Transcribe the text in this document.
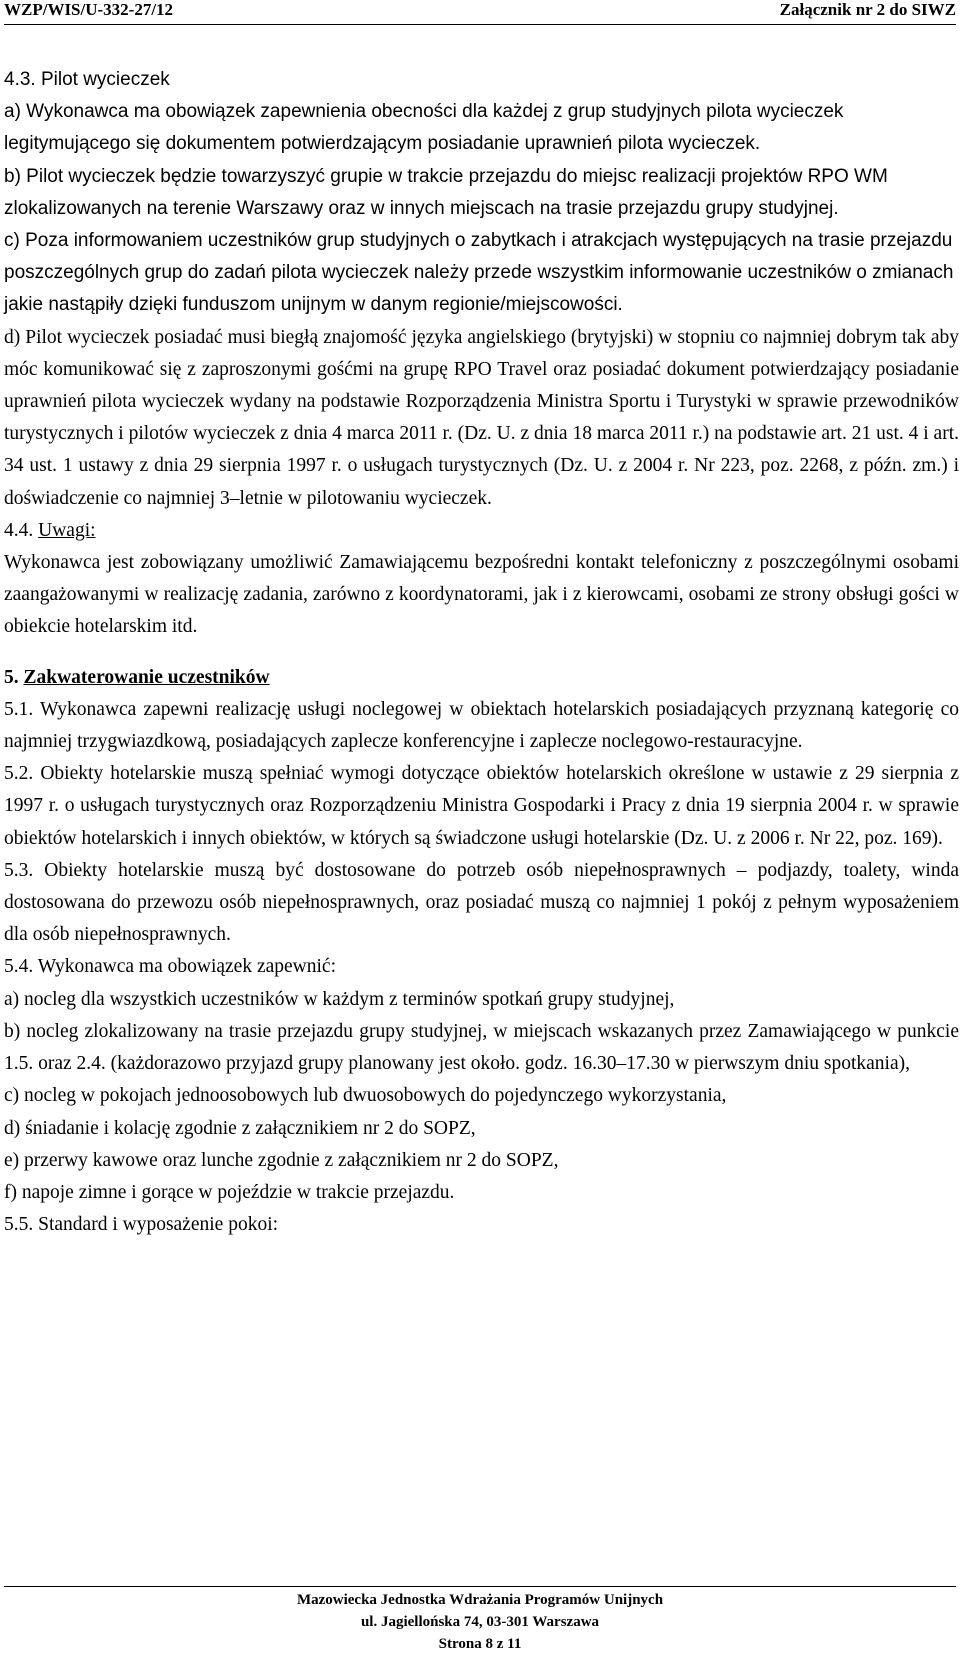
WZP/WIS/U-332-27/12	Załącznik nr 2 do SIWZ

4.3. Pilot wycieczek

a) Wykonawca ma obowiązek zapewnienia obecności dla każdej z grup studyjnych pilota wycieczek legitymującego się dokumentem potwierdzającym posiadanie uprawnień pilota wycieczek.

b) Pilot wycieczek będzie towarzyszyć grupie w trakcie przejazdu do miejsc realizacji projektów RPO WM zlokalizowanych na terenie Warszawy oraz w innych miejscach na trasie przejazdu grupy studyjnej.

c) Poza informowaniem uczestników grup studyjnych o zabytkach i atrakcjach występujących na trasie przejazdu poszczególnych grup do zadań pilota wycieczek należy przede wszystkim informowanie uczestników o zmianach jakie nastąpiły dzięki funduszom unijnym w danym regionie/miejscowości.

d) Pilot wycieczek posiadać musi biegłą znajomość języka angielskiego (brytyjski) w stopniu co najmniej dobrym tak aby móc komunikować się z zaproszonymi gośćmi na grupę RPO Travel oraz posiadać dokument potwierdzający posiadanie uprawnień pilota wycieczek wydany na podstawie Rozporządzenia Ministra Sportu i Turystyki w sprawie przewodników turystycznych i pilotów wycieczek z dnia 4 marca 2011 r. (Dz. U. z dnia 18 marca 2011 r.) na podstawie art. 21 ust. 4 i art. 34 ust. 1 ustawy z dnia 29 sierpnia 1997 r. o usługach turystycznych (Dz. U. z 2004 r. Nr 223, poz. 2268, z późn. zm.) i doświadczenie co najmniej 3–letnie w pilotowaniu wycieczek.

4.4. Uwagi:

Wykonawca jest zobowiązany umożliwić Zamawiającemu bezpośredni kontakt telefoniczny z poszczególnymi osobami zaangażowanymi w realizację zadania, zarówno z koordynatorami, jak i z kierowcami, osobami ze strony obsługi gości w obiekcie hotelarskim itd.

5. Zakwaterowanie uczestników

5.1. Wykonawca zapewni realizację usługi noclegowej w obiektach hotelarskich posiadających przyznaną kategorię co najmniej trzygwiazdkową, posiadających zaplecze konferencyjne i zaplecze noclegowo-restauracyjne.

5.2. Obiekty hotelarskie muszą spełniać wymogi dotyczące obiektów hotelarskich określone w ustawie z 29 sierpnia z 1997 r. o usługach turystycznych oraz Rozporządzeniu Ministra Gospodarki i Pracy z dnia 19 sierpnia 2004 r. w sprawie obiektów hotelarskich i innych obiektów, w których są świadczone usługi hotelarskie (Dz. U. z 2006 r. Nr 22, poz. 169).

5.3. Obiekty hotelarskie muszą być dostosowane do potrzeb osób niepełnosprawnych – podjazdy, toalety, winda dostosowana do przewozu osób niepełnosprawnych, oraz posiadać muszą co najmniej 1 pokój z pełnym wyposażeniem dla osób niepełnosprawnych.

5.4. Wykonawca ma obowiązek zapewnić:

a) nocleg dla wszystkich uczestników w każdym z terminów spotkań grupy studyjnej,

b) nocleg zlokalizowany na trasie przejazdu grupy studyjnej, w miejscach wskazanych przez Zamawiającego w punkcie 1.5. oraz 2.4. (każdorazowo przyjazd grupy planowany jest około. godz. 16.30–17.30 w pierwszym dniu spotkania),

c) nocleg w pokojach jednoosobowych lub dwuosobowych do pojedynczego wykorzystania,

d) śniadanie i kolację zgodnie z załącznikiem nr 2 do SOPZ,

e) przerwy kawowe oraz lunche zgodnie z załącznikiem nr 2 do SOPZ,

f) napoje zimne i gorące w pojeździe w trakcie przejazdu.

5.5. Standard i wyposażenie pokoi:

Mazowiecka Jednostka Wdrażania Programów Unijnych
ul. Jagiellońska 74, 03-301 Warszawa
Strona 8 z 11
